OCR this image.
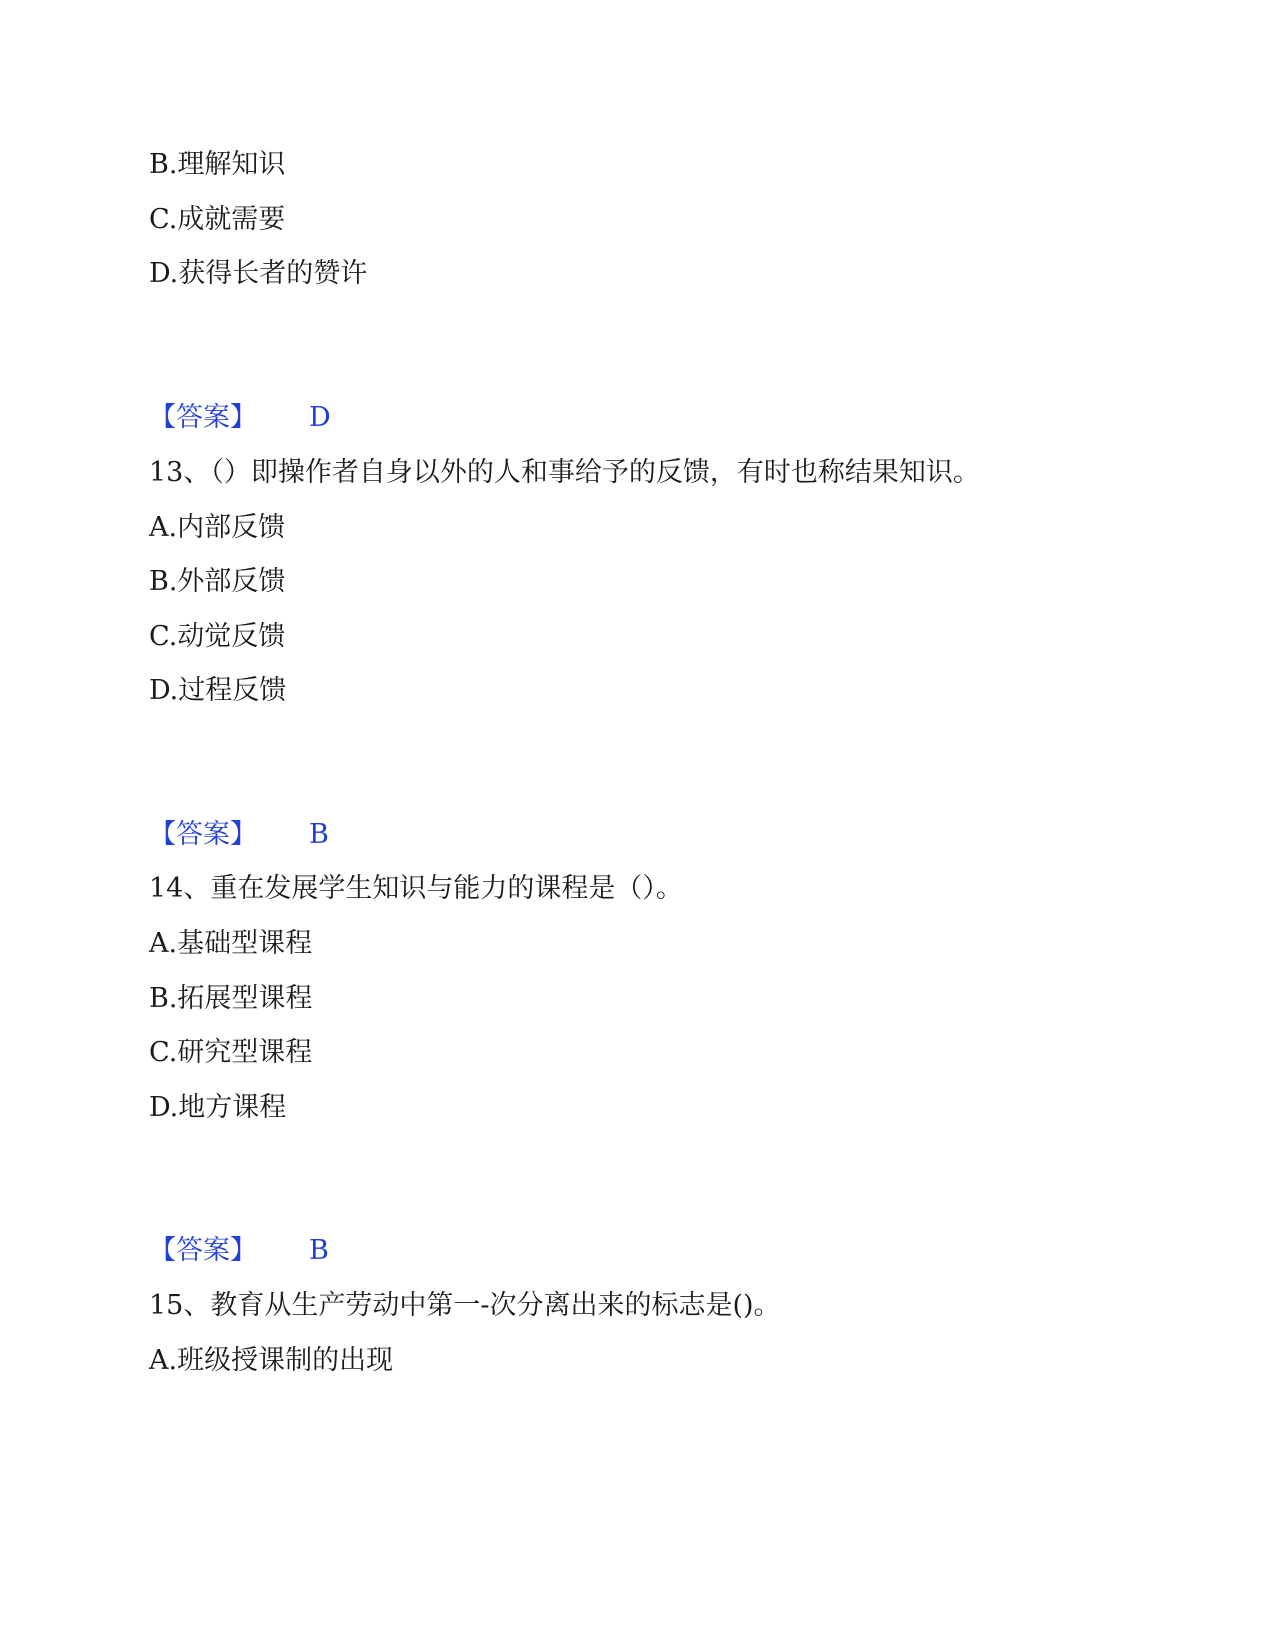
B.理解知识
C.成就需要
D.获得长者的赞许
【答案】 D
13、（）即操作者自身以外的人和事给予的反馈，有时也称结果知识。
A.内部反馈
B.外部反馈
C.动觉反馈
D.过程反馈
【答案】 B
14、重在发展学生知识与能力的课程是（）。
A.基础型课程
B.拓展型课程
C.研究型课程
D.地方课程
【答案】 B
15、教育从生产劳动中第一-次分离出来的标志是()。
A.班级授课制的出现
